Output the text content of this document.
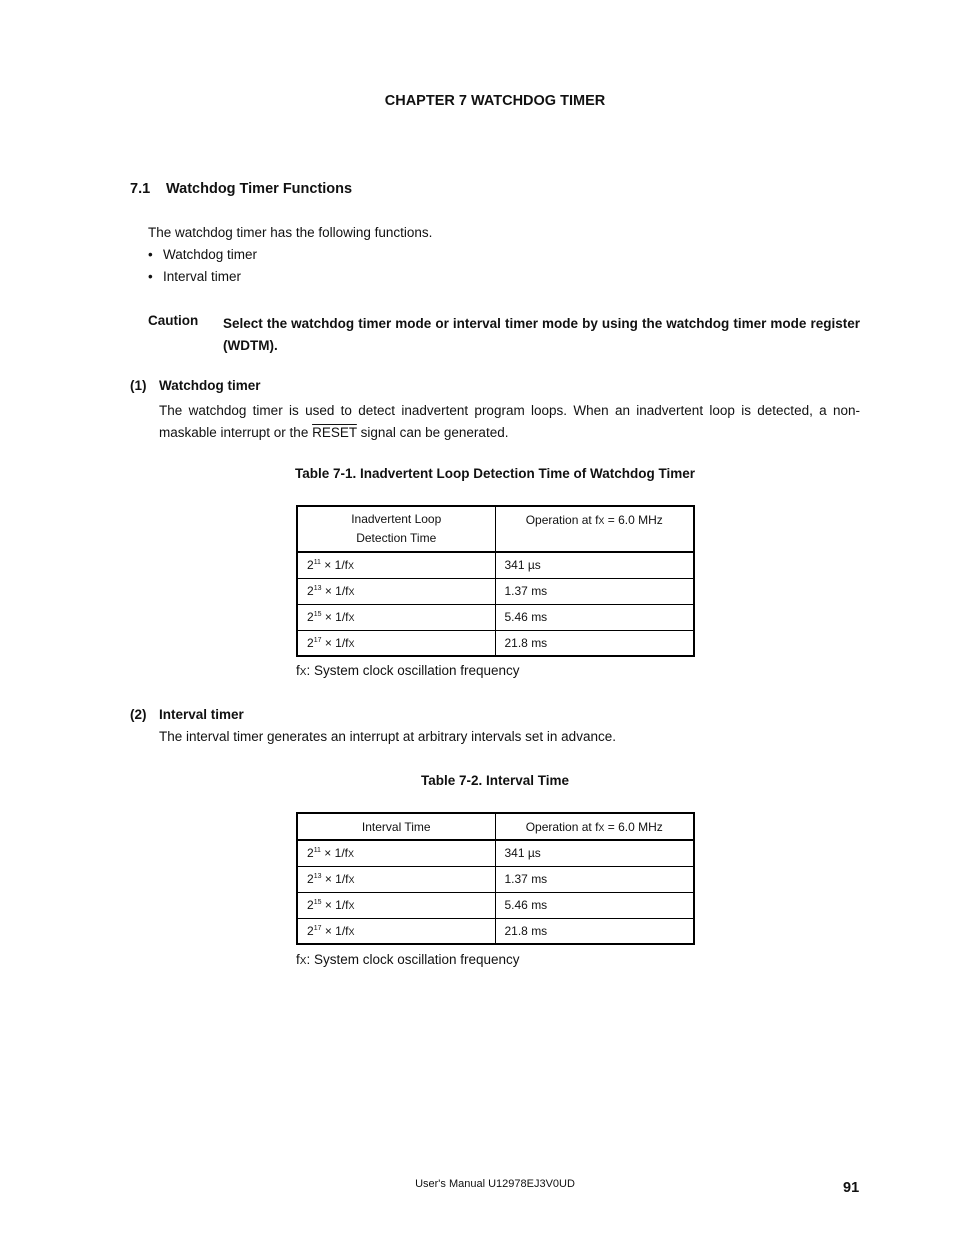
CHAPTER 7 WATCHDOG TIMER
7.1 Watchdog Timer Functions
The watchdog timer has the following functions.
• Watchdog timer
• Interval timer
Caution Select the watchdog timer mode or interval timer mode by using the watchdog timer mode register (WDTM).
(1) Watchdog timer
The watchdog timer is used to detect inadvertent program loops. When an inadvertent loop is detected, a non-maskable interrupt or the RESET signal can be generated.
Table 7-1. Inadvertent Loop Detection Time of Watchdog Timer
Inadvertent Loop
Detection Time	Operation at fX = 6.0 MHz
$2^{11} \times 1/fX$	341 µs
$2^{13} \times 1/fX$	1.37 ms
$2^{15} \times 1/fX$	5.46 ms
$2^{17} \times 1/fX$	21.8 ms
fX: System clock oscillation frequency
(2) Interval timer
The interval timer generates an interrupt at arbitrary intervals set in advance.
Table 7-2. Interval Time
Interval Time	Operation at fX = 6.0 MHz
$2^{11} \times 1/fX$	341 µs
$2^{13} \times 1/fX$	1.37 ms
$2^{15} \times 1/fX$	5.46 ms
$2^{17} \times 1/fX$	21.8 ms
fX: System clock oscillation frequency
User's Manual U12978EJ3V0UD	91
